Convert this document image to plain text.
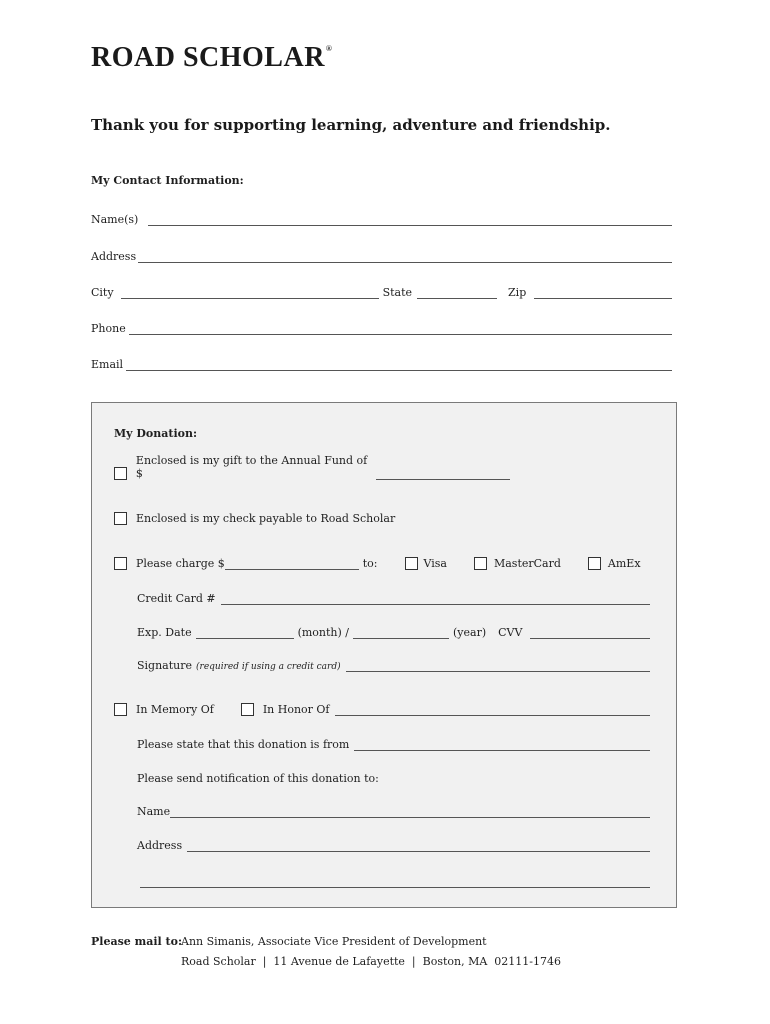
ROAD SCHOLAR®
Thank you for supporting learning, adventure and friendship.
My Contact Information:
Name(s)
Address
City	State	Zip
Phone
Email
My Donation:
Enclosed is my gift to the Annual Fund of $
Enclosed is my check payable to Road Scholar
Please charge $	to:	Visa	MasterCard	AmEx
Credit Card #
Exp. Date	(month) /	(year) CVV
Signature (required if using a credit card)
In Memory Of	In Honor Of
Please state that this donation is from
Please send notification of this donation to:
Name
Address
Please mail to:
Ann Simanis, Associate Vice President of Development
Road Scholar  |  11 Avenue de Lafayette  |  Boston, MA  02111-1746
